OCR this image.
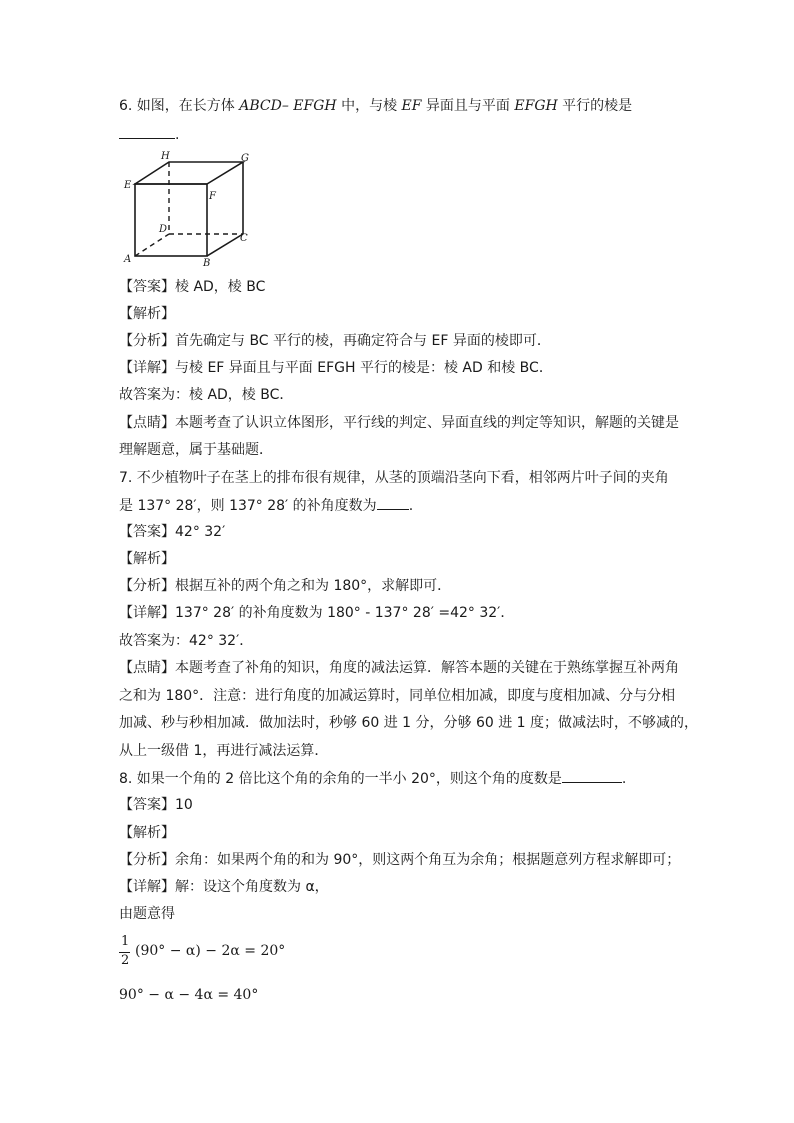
6. 如图，在长方体 ABCD– EFGH 中，与棱 EF 异面且与平面 EFGH 平行的棱是
.
H	G
E
F
D
C
A	B
【答案】棱 AD，棱 BC
【解析】
【分析】首先确定与 BC 平行的棱，再确定符合与 EF 异面的棱即可．
【详解】与棱 EF 异面且与平面 EFGH 平行的棱是：棱 AD 和棱 BC．
故答案为：棱 AD，棱 BC．
【点睛】本题考查了认识立体图形，平行线的判定、异面直线的判定等知识，解题的关键是
理解题意，属于基础题．
7. 不少植物叶子在茎上的排布很有规律，从茎的顶端沿茎向下看，相邻两片叶子间的夹角
是 137° 28′，则 137° 28′ 的补角度数为 .
【答案】42° 32′
【解析】
【分析】根据互补的两个角之和为 180°，求解即可．
【详解】137° 28′ 的补角度数为 180° - 137° 28′ =42° 32′．
故答案为：42° 32′．
【点睛】本题考查了补角的知识，角度的减法运算．解答本题的关键在于熟练掌握互补两角
之和为 180°．注意：进行角度的加减运算时，同单位相加减，即度与度相加减、分与分相
加减、秒与秒相加减．做加法时，秒够 60 进 1 分，分够 60 进 1 度；做减法时，不够减的，
从上一级借 1，再进行减法运算．
8. 如果一个角的 2 倍比这个角的余角的一半小 20°，则这个角的度数是	.
【答案】10
【解析】
【分析】余角：如果两个角的和为 90°，则这两个角互为余角；根据题意列方程求解即可；
【详解】解：设这个角度数为 α，
由题意得
1
2
(90° − α) − 2α = 20°
90° − α − 4α = 40°
